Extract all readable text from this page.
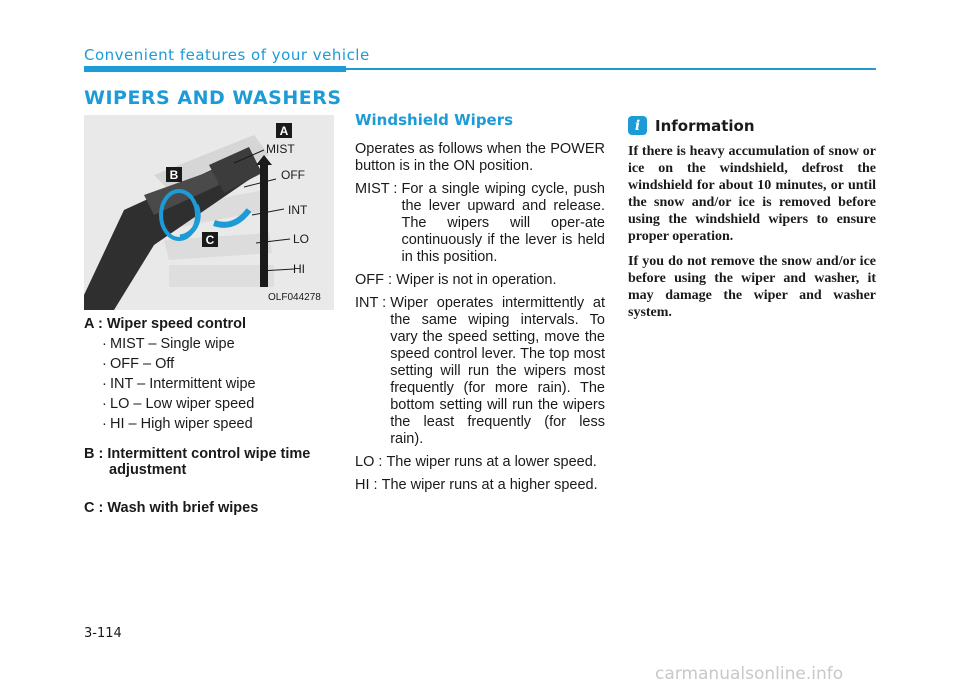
Convenient features of your vehicle
WIPERS AND WASHERS
A
B
C
MIST
OFF
INT
LO
HI
OLF044278
A : Wiper speed control
· MIST – Single wipe
· OFF – Off
· INT – Intermittent wipe
· LO – Low wiper speed
· HI – High wiper speed
B : Intermittent control wipe time
adjustment
C : Wash with brief wipes
Windshield Wipers

Operates as follows when the POWER button is in the ON position.

MIST : For a single wiping cycle, push the lever upward and release. The wipers will oper-ate continuously if the lever is held in this position.
OFF : Wiper is not in operation.
INT : Wiper operates intermittently at the same wiping intervals. To vary the speed setting, move the speed control lever. The top most setting will run the wipers most frequently (for more rain). The bottom setting will run the wipers the least frequently (for less rain).
LO : The wiper runs at a lower speed.
HI : The wiper runs at a higher speed.
i Information

If there is heavy accumulation of snow or ice on the windshield, defrost the windshield for about 10 minutes, or until the snow and/or ice is removed before using the windshield wipers to ensure proper operation.

If you do not remove the snow and/or ice before using the wiper and washer, it may damage the wiper and washer system.

3-114
carmanualsonline.info
